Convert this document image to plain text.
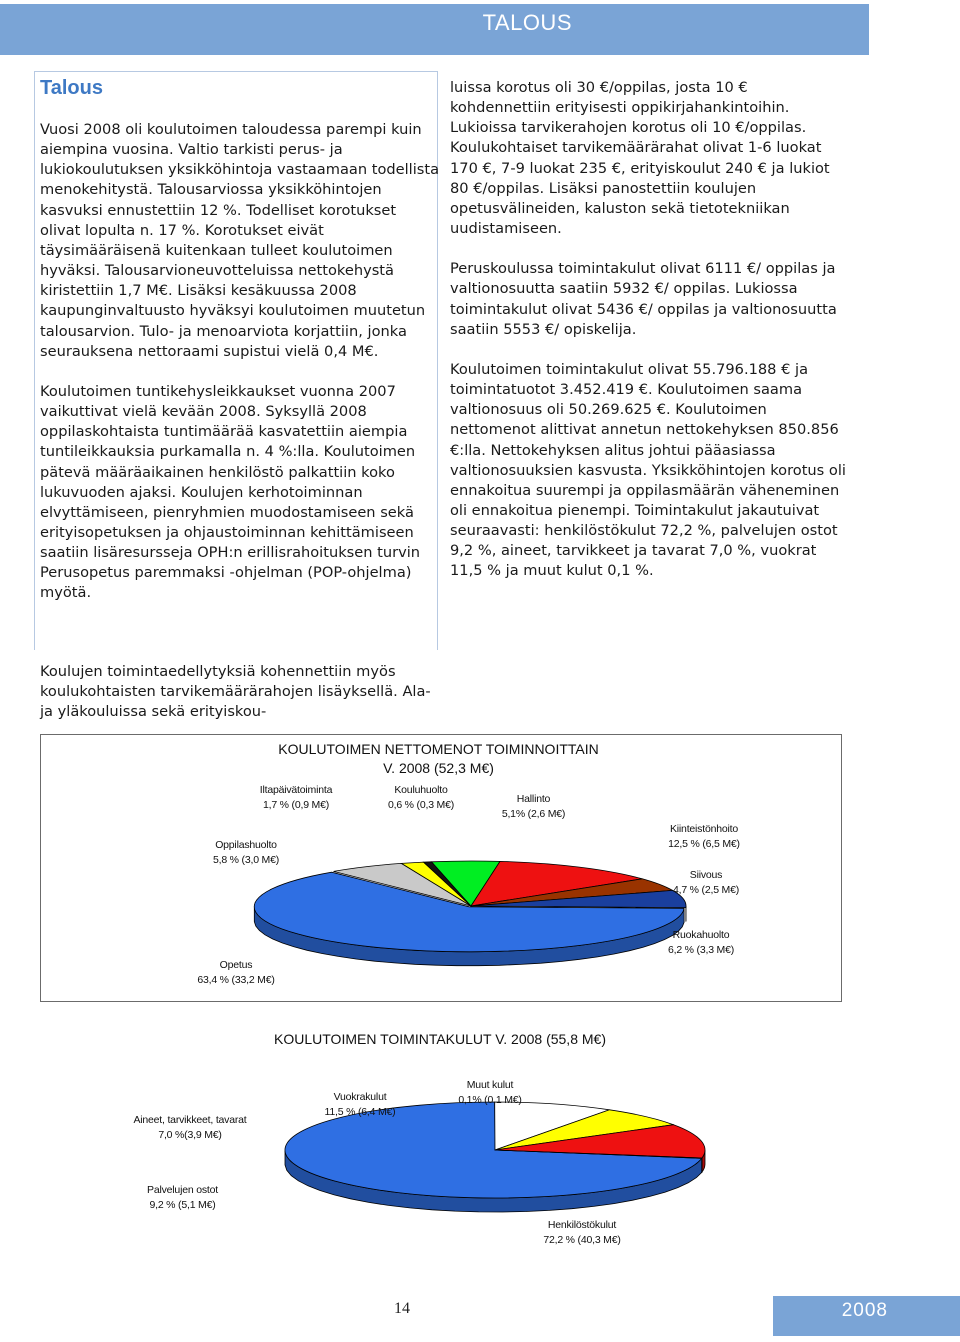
TALOUS
Talous

Vuosi 2008 oli koulutoimen taloudessa parempi kuin aiempina vuosina. Valtio tarkisti perus- ja lukiokoulutuksen yksikköhintoja vastaamaan todellista menokehitystä. Talousarviossa yksikköhintojen kasvuksi ennustettiin 12 %. Todelliset korotukset olivat lopulta n. 17 %. Korotukset eivät täysimääräisenä kuitenkaan tulleet koulutoimen hyväksi. Talousarvioneuvotteluissa nettokehystä kiristettiin 1,7 M€. Lisäksi kesäkuussa 2008 kaupunginvaltuusto hyväksyi koulutoimen muutetun talousarvion. Tulo- ja menoarviota korjattiin, jonka seurauksena nettoraami supistui vielä 0,4 M€.

Koulutoimen tuntikehysleikkaukset vuonna 2007 vaikuttivat vielä kevään 2008. Syksyllä 2008 oppilaskohtaista tuntimäärää kasvatettiin aiempia tuntileikkauksia purkamalla n. 4 %:lla. Koulutoimen pätevä määräaikainen henkilöstö palkattiin koko lukuvuoden ajaksi. Koulujen kerhotoiminnan elvyttämiseen, pienryhmien muodostamiseen sekä erityisopetuksen ja ohjaustoiminnan kehittämiseen saatiin lisäresursseja OPH:n erillisrahoituksen turvin Perusopetus paremmaksi -ohjelman (POP-ohjelma) myötä.

Koulujen toimintaedellytyksiä kohennettiin myös koulukohtaisten tarvikemäärärahojen lisäyksellä. Ala- ja yläkouluissa sekä erityiskou-

luissa korotus oli 30 €/oppilas, josta 10 € kohdennettiin erityisesti oppikirjahankintoihin. Lukioissa tarvikerahojen korotus oli 10 €/oppilas. Koulukohtaiset tarvikemäärärahat olivat 1-6 luokat 170 €, 7-9 luokat 235 €, erityiskoulut 240 € ja lukiot 80 €/oppilas. Lisäksi panostettiin koulujen opetusvälineiden, kaluston sekä tietotekniikan uudistamiseen.

Peruskoulussa toimintakulut olivat 6111 €/ oppilas ja valtionosuutta saatiin 5932 €/ oppilas. Lukiossa toimintakulut olivat 5436 €/ oppilas ja valtionosuutta saatiin 5553 €/ opiskelija.

Koulutoimen toimintakulut olivat 55.796.188 € ja toimintatuotot 3.452.419 €. Koulutoimen saama valtionosuus oli 50.269.625 €. Koulutoimen nettomenot alittivat annetun nettokehyksen 850.856 €:lla. Nettokehyksen alitus johtui pääasiassa valtionosuuksien kasvusta. Yksikköhintojen korotus oli ennakoitua suurempi ja oppilasmäärän väheneminen oli ennakoitua pienempi. Toimintakulut jakautuivat seuraavasti: henkilöstökulut 72,2 %, palvelujen ostot 9,2 %, aineet, tarvikkeet ja tavarat 7,0 %, vuokrat 11,5 % ja muut kulut 0,1 %.

KOULUTOIMEN NETTOMENOT TOIMINNOITTAIN
V. 2008 (52,3 M€)
Iltapäivätoiminta
1,7 % (0,9 M€)
Kouluhuolto
0,6 % (0,3 M€)	Hallinto
5,1% (2,6 M€)
Kiinteistönhoito
12,5 % (6,5 M€)
Siivous
4,7 % (2,5 M€)
Oppilashuolto
5,8 % (3,0 M€)
Ruokahuolto
6,2 % (3,3 M€)
Opetus
63,4 % (33,2 M€)
KOULUTOIMEN TOIMINTAKULUT V. 2008 (55,8 M€)
Vuokrakulut
11,5 % (6,4 M€)
Muut kulut
0,1% (0,1 M€)
Aineet, tarvikkeet, tavarat
7,0 %(3,9 M€)
Palvelujen ostot
9,2 % (5,1 M€)
Henkilöstökulut
72,2 % (40,3 M€)
14	2008
